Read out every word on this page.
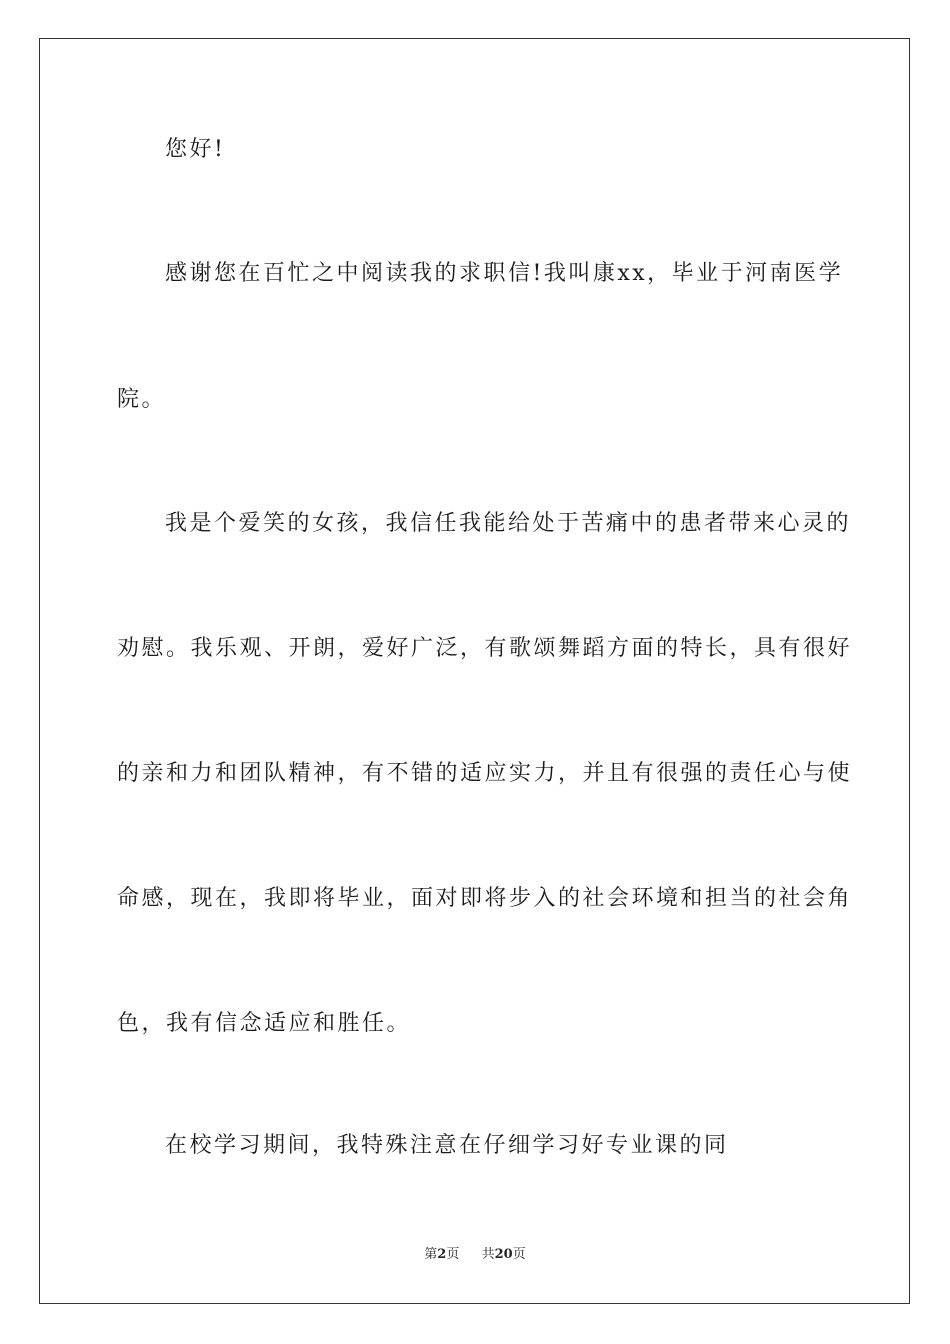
您好!
感谢您在百忙之中阅读我的求职信!我叫康xx，毕业于河南医学
院。
我是个爱笑的女孩，我信任我能给处于苦痛中的患者带来心灵的
劝慰。我乐观、开朗，爱好广泛，有歌颂舞蹈方面的特长，具有很好
的亲和力和团队精神，有不错的适应实力，并且有很强的责任心与使
命感，现在，我即将毕业，面对即将步入的社会环境和担当的社会角
色，我有信念适应和胜任。
在校学习期间，我特殊注意在仔细学习好专业课的同
第2页 共20页
